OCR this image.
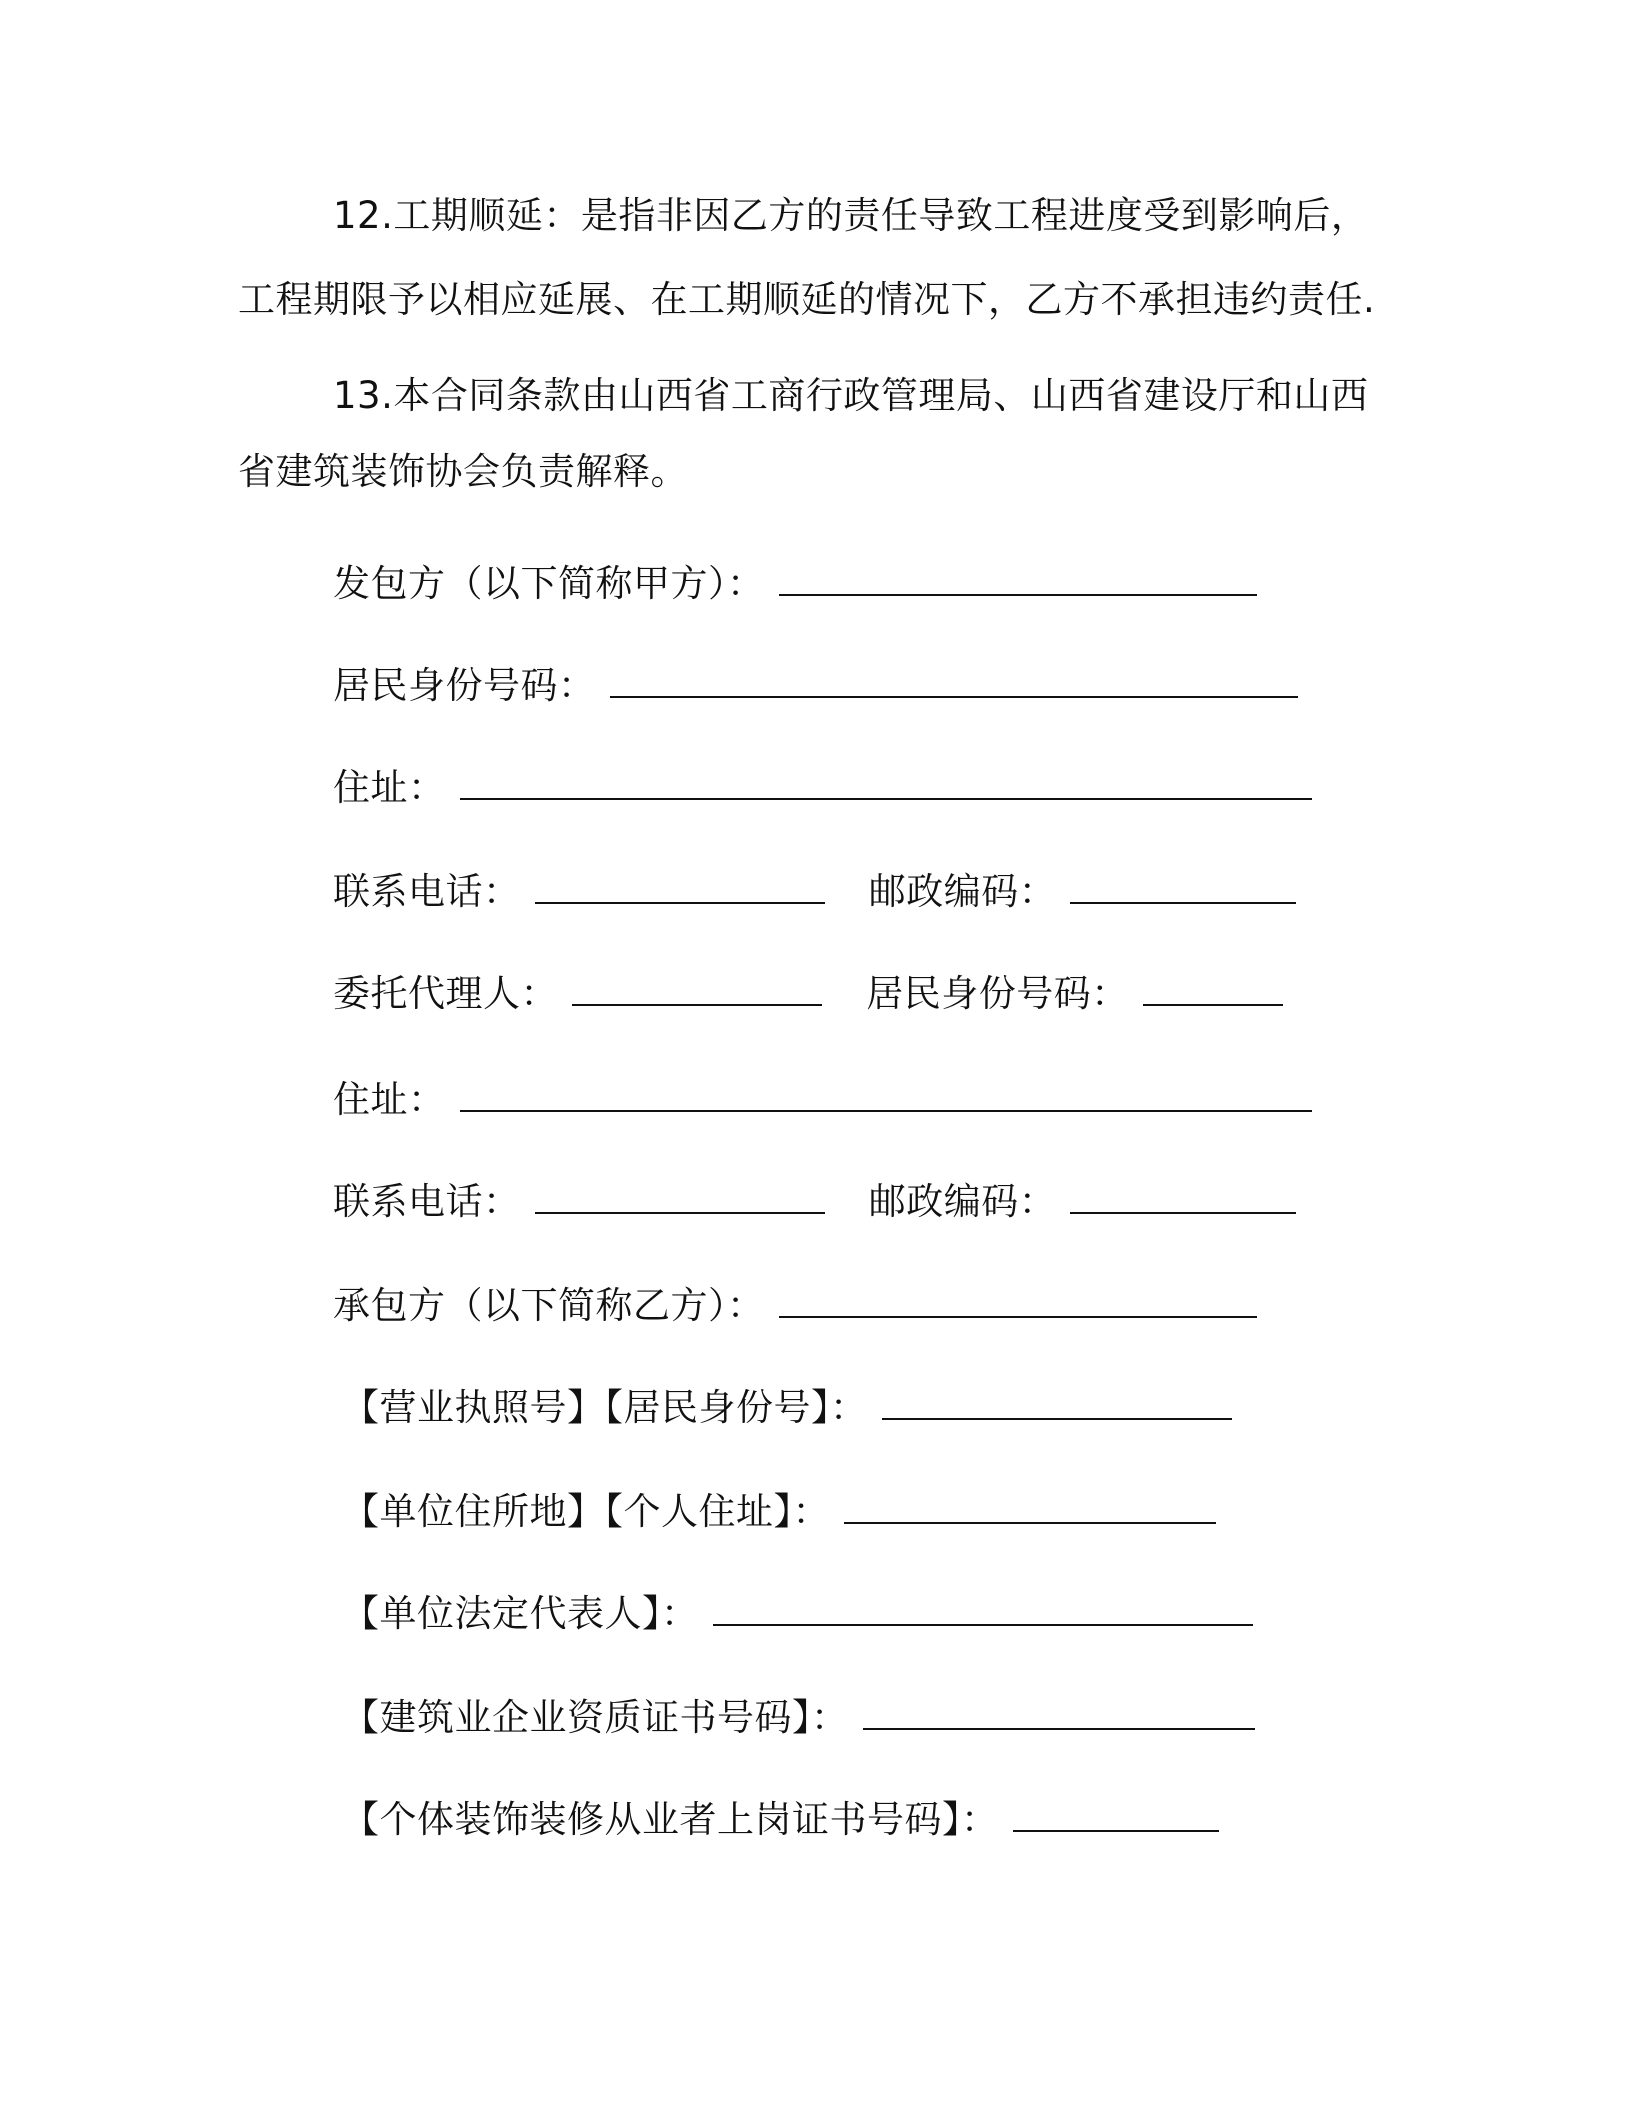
12.工期顺延：是指非因乙方的责任导致工程进度受到影响后，
工程期限予以相应延展、在工期顺延的情况下，乙方不承担违约责任.
13.本合同条款由山西省工商行政管理局、山西省建设厅和山西
省建筑装饰协会负责解释。
发包方（以下简称甲方）：
居民身份号码：
住址：
联系电话：	邮政编码：
委托代理人：	居民身份号码：
住址：
联系电话：	邮政编码：
承包方（以下简称乙方）：
【营业执照号】【居民身份号】：
【单位住所地】【个人住址】：
【单位法定代表人】：
【建筑业企业资质证书号码】：
【个体装饰装修从业者上岗证书号码】：
